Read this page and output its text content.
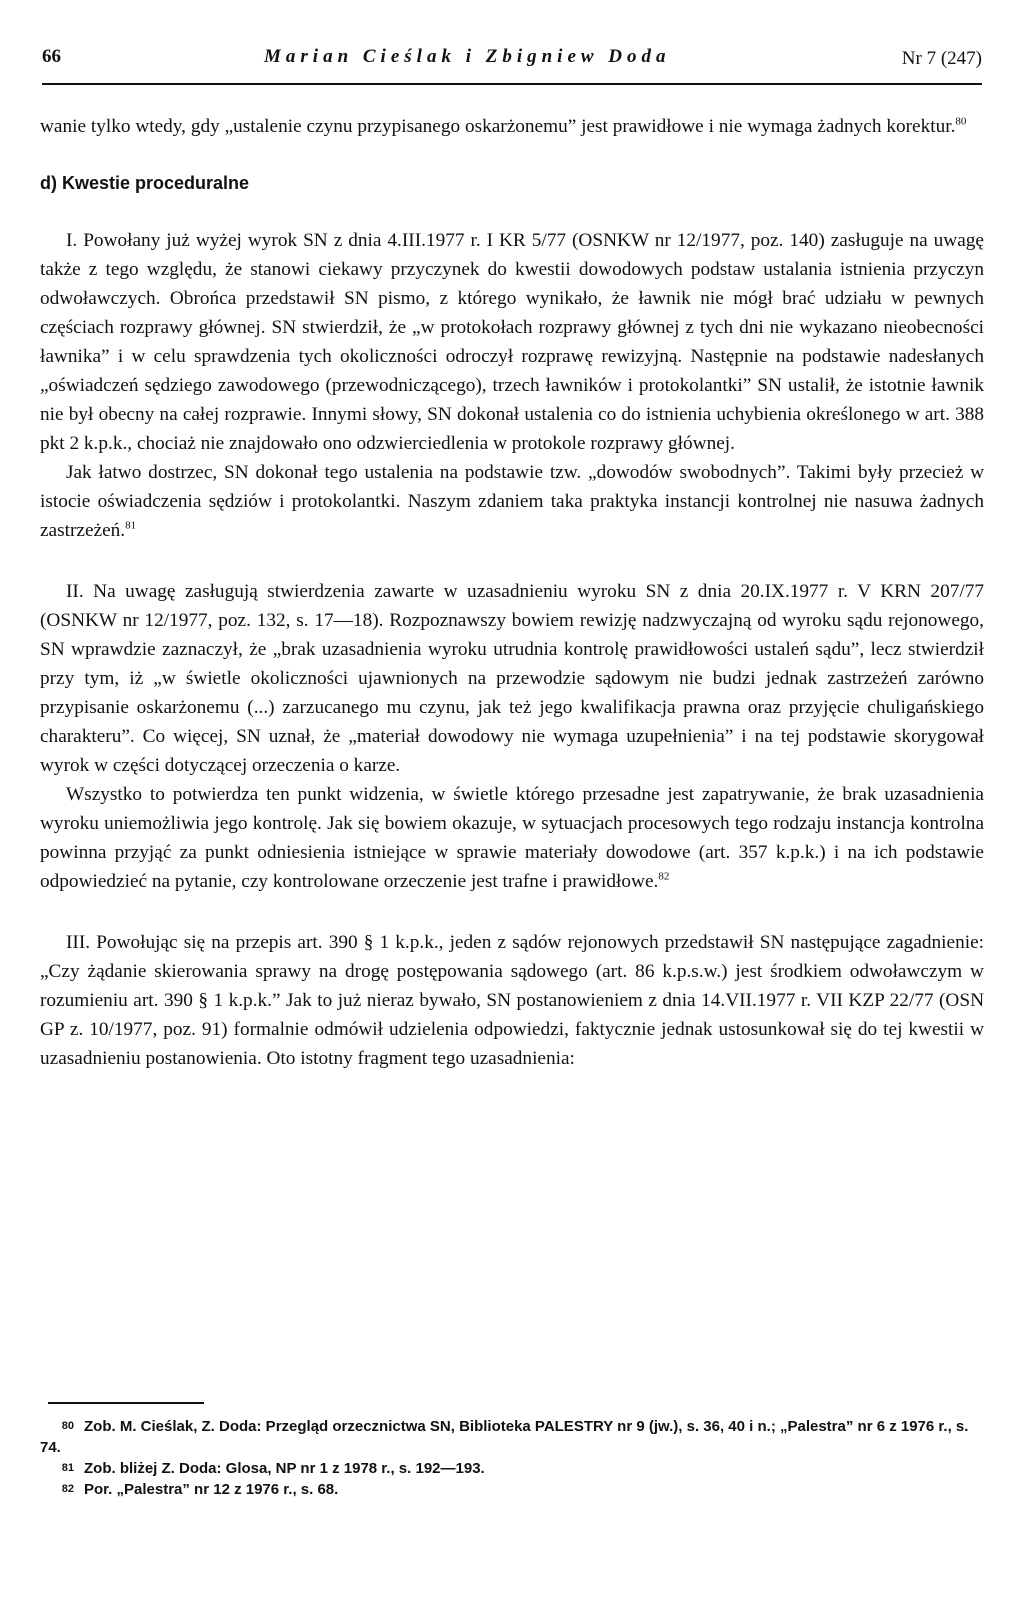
66	Marian Cieślak i Zbigniew Doda	Nr 7 (247)

wanie tylko wtedy, gdy „ustalenie czynu przypisanego oskarżonemu” jest prawidłowe i nie wymaga żadnych korektur.$^{80}$

d) Kwestie proceduralne

I. Powołany już wyżej wyrok SN z dnia 4.III.1977 r. I KR 5/77 (OSNKW nr 12/1977, poz. 140) zasługuje na uwagę także z tego względu, że stanowi ciekawy przyczynek do kwestii dowodowych podstaw ustalania istnienia przyczyn odwoławczych. Obrońca przedstawił SN pismo, z którego wynikało, że ławnik nie mógł brać udziału w pewnych częściach rozprawy głównej. SN stwierdził, że „w protokołach rozprawy głównej z tych dni nie wykazano nieobecności ławnika” i w celu sprawdzenia tych okoliczności odroczył rozprawę rewizyjną. Następnie na podstawie nadesłanych „oświadczeń sędziego zawodowego (przewodniczącego), trzech ławników i protokolantki” SN ustalił, że istotnie ławnik nie był obecny na całej rozprawie. Innymi słowy, SN dokonał ustalenia co do istnienia uchybienia określonego w art. 388 pkt 2 k.p.k., chociaż nie znajdowało ono odzwierciedlenia w protokole rozprawy głównej.

Jak łatwo dostrzec, SN dokonał tego ustalenia na podstawie tzw. „dowodów swobodnych”. Takimi były przecież w istocie oświadczenia sędziów i protokolantki. Naszym zdaniem taka praktyka instancji kontrolnej nie nasuwa żadnych zastrzeżeń.$^{81}$

II. Na uwagę zasługują stwierdzenia zawarte w uzasadnieniu wyroku SN z dnia 20.IX.1977 r. V KRN 207/77 (OSNKW nr 12/1977, poz. 132, s. 17—18). Rozpoznawszy bowiem rewizję nadzwyczajną od wyroku sądu rejonowego, SN wprawdzie zaznaczył, że „brak uzasadnienia wyroku utrudnia kontrolę prawidłowości ustaleń sądu”, lecz stwierdził przy tym, iż „w świetle okoliczności ujawnionych na przewodzie sądowym nie budzi jednak zastrzeżeń zarówno przypisanie oskarżonemu (...) zarzucanego mu czynu, jak też jego kwalifikacja prawna oraz przyjęcie chuligańskiego charakteru”. Co więcej, SN uznał, że „materiał dowodowy nie wymaga uzupełnienia” i na tej podstawie skorygował wyrok w części dotyczącej orzeczenia o karze.

Wszystko to potwierdza ten punkt widzenia, w świetle którego przesadne jest zapatrywanie, że brak uzasadnienia wyroku uniemożliwia jego kontrolę. Jak się bowiem okazuje, w sytuacjach procesowych tego rodzaju instancja kontrolna powinna przyjąć za punkt odniesienia istniejące w sprawie materiały dowodowe (art. 357 k.p.k.) i na ich podstawie odpowiedzieć na pytanie, czy kontrolowane orzeczenie jest trafne i prawidłowe.$^{82}$

III. Powołując się na przepis art. 390 § 1 k.p.k., jeden z sądów rejonowych przedstawił SN następujące zagadnienie: „Czy żądanie skierowania sprawy na drogę postępowania sądowego (art. 86 k.p.s.w.) jest środkiem odwoławczym w rozumieniu art. 390 § 1 k.p.k.” Jak to już nieraz bywało, SN postanowieniem z dnia 14.VII.1977 r. VII KZP 22/77 (OSN GP z. 10/1977, poz. 91) formalnie odmówił udzielenia odpowiedzi, faktycznie jednak ustosunkował się do tej kwestii w uzasadnieniu postanowienia. Oto istotny fragment tego uzasadnienia:

80 Zob. M. Cieślak, Z. Doda: Przegląd orzecznictwa SN, Biblioteka PALESTRY nr 9 (jw.), s. 36, 40 i n.; „Palestra” nr 6 z 1976 r., s. 74.

81 Zob. bliżej Z. Doda: Glosa, NP nr 1 z 1978 r., s. 192—193.

82 Por. „Palestra” nr 12 z 1976 r., s. 68.
